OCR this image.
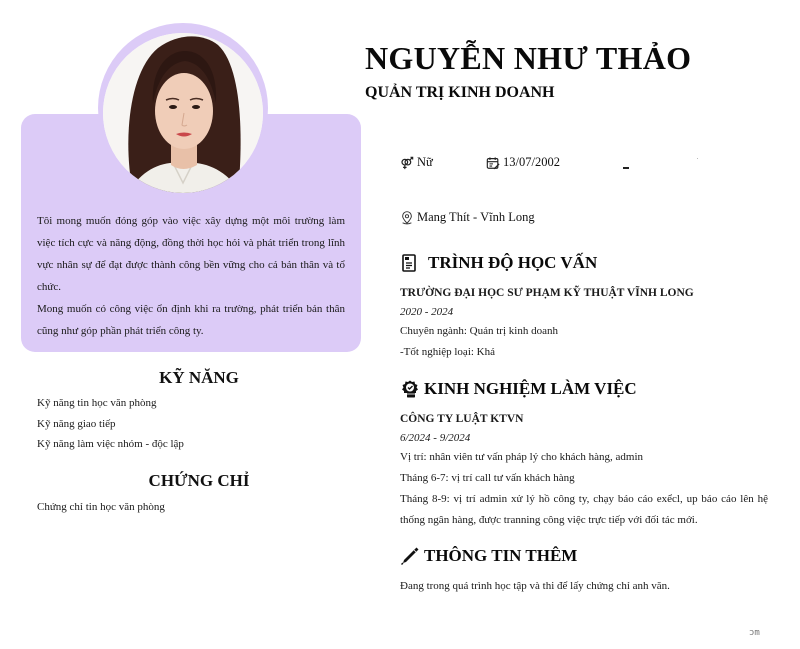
Tôi mong muốn đóng góp vào việc xây dựng một môi trường làm việc tích cực và năng động, đồng thời học hỏi và phát triển trong lĩnh vực nhân sự để đạt được thành công bền vững cho cả bản thân và tổ chức.

Mong muốn có công việc ổn định khi ra trường, phát triển bản thân cũng như góp phần phát triển công ty.

KỸ NĂNG
Kỹ năng tin học văn phòng
Kỹ năng giao tiếp
Kỹ năng làm việc nhóm - độc lập
CHỨNG CHỈ
Chứng chỉ tin học văn phòng
NGUYỄN NHƯ THẢO
QUẢN TRỊ KINH DOANH
Nữ	13/07/2002
Mang Thít - Vĩnh Long
TRÌNH ĐỘ HỌC VẤN
TRƯỜNG ĐẠI HỌC SƯ PHẠM KỸ THUẬT VĨNH LONG
2020 - 2024
Chuyên ngành: Quản trị kinh doanh
-Tốt nghiệp loại: Khá
KINH NGHIỆM LÀM VIỆC
CÔNG TY LUẬT KTVN
6/2024 - 9/2024
Vị trí: nhân viên tư vấn pháp lý cho khách hàng, admin
Tháng 6-7: vị trí call tư vấn khách hàng
Tháng 8-9: vị trí admin xử lý hồ công ty, chạy báo cáo exểcl, up báo cáo lên hệ thống ngân hàng, được tranning công việc trực tiếp với đối tác mới.
THÔNG TIN THÊM
Đang trong quá trình học tập và thi để lấy chứng chỉ anh văn.
ɔm
